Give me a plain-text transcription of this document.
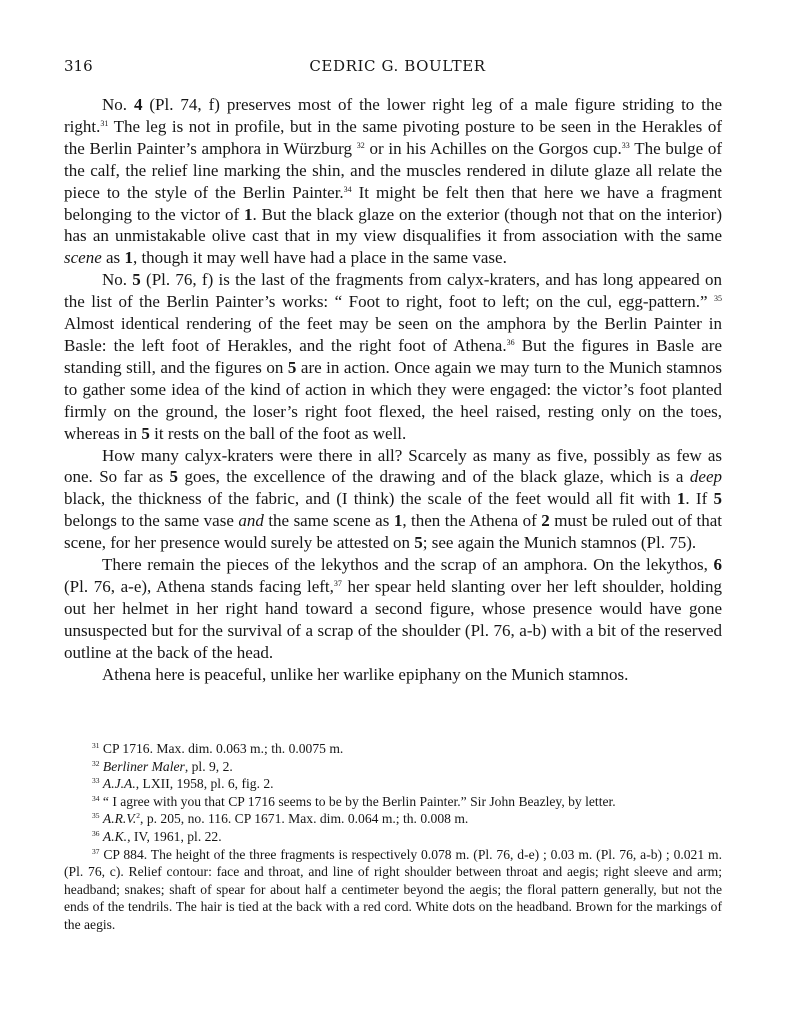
316	CEDRIC G. BOULTER

No. 4 (Pl. 74, f) preserves most of the lower right leg of a male figure striding to the right.$^{31}$ The leg is not in profile, but in the same pivoting posture to be seen in the Herakles of the Berlin Painter’s amphora in Würzburg $^{32}$ or in his Achilles on the Gorgos cup.$^{33}$ The bulge of the calf, the relief line marking the shin, and the muscles rendered in dilute glaze all relate the piece to the style of the Berlin Painter.$^{34}$ It might be felt then that here we have a fragment belonging to the victor of 1. But the black glaze on the exterior (though not that on the interior) has an unmistakable olive cast that in my view disqualifies it from association with the same scene as 1, though it may well have had a place in the same vase.

No. 5 (Pl. 76, f) is the last of the fragments from calyx-kraters, and has long appeared on the list of the Berlin Painter’s works: “ Foot to right, foot to left; on the cul, egg-pattern.” $^{35}$ Almost identical rendering of the feet may be seen on the amphora by the Berlin Painter in Basle: the left foot of Herakles, and the right foot of Athena.$^{36}$ But the figures in Basle are standing still, and the figures on 5 are in action. Once again we may turn to the Munich stamnos to gather some idea of the kind of action in which they were engaged: the victor’s foot planted firmly on the ground, the loser’s right foot flexed, the heel raised, resting only on the toes, whereas in 5 it rests on the ball of the foot as well.

How many calyx-kraters were there in all? Scarcely as many as five, possibly as few as one. So far as 5 goes, the excellence of the drawing and of the black glaze, which is a deep black, the thickness of the fabric, and (I think) the scale of the feet would all fit with 1. If 5 belongs to the same vase and the same scene as 1, then the Athena of 2 must be ruled out of that scene, for her presence would surely be attested on 5; see again the Munich stamnos (Pl. 75).

There remain the pieces of the lekythos and the scrap of an amphora. On the lekythos, 6 (Pl. 76, a-e), Athena stands facing left,$^{37}$ her spear held slanting over her left shoulder, holding out her helmet in her right hand toward a second figure, whose presence would have gone unsuspected but for the survival of a scrap of the shoulder (Pl. 76, a-b) with a bit of the reserved outline at the back of the head.

Athena here is peaceful, unlike her warlike epiphany on the Munich stamnos.

$^{31}$ CP 1716. Max. dim. 0.063 m.; th. 0.0075 m.

$^{32}$ Berliner Maler, pl. 9, 2.

$^{33}$ A.J.A., LXII, 1958, pl. 6, fig. 2.

$^{34}$ “ I agree with you that CP 1716 seems to be by the Berlin Painter.” Sir John Beazley, by letter.

$^{35}$ A.R.V.$^2$, p. 205, no. 116. CP 1671. Max. dim. 0.064 m.; th. 0.008 m.

$^{36}$ A.K., IV, 1961, pl. 22.

$^{37}$ CP 884. The height of the three fragments is respectively 0.078 m. (Pl. 76, d-e) ; 0.03 m. (Pl. 76, a-b) ; 0.021 m. (Pl. 76, c). Relief contour: face and throat, and line of right shoulder between throat and aegis; right sleeve and arm; headband; snakes; shaft of spear for about half a centimeter beyond the aegis; the floral pattern generally, but not the ends of the tendrils. The hair is tied at the back with a red cord. White dots on the headband. Brown for the markings of the aegis.
